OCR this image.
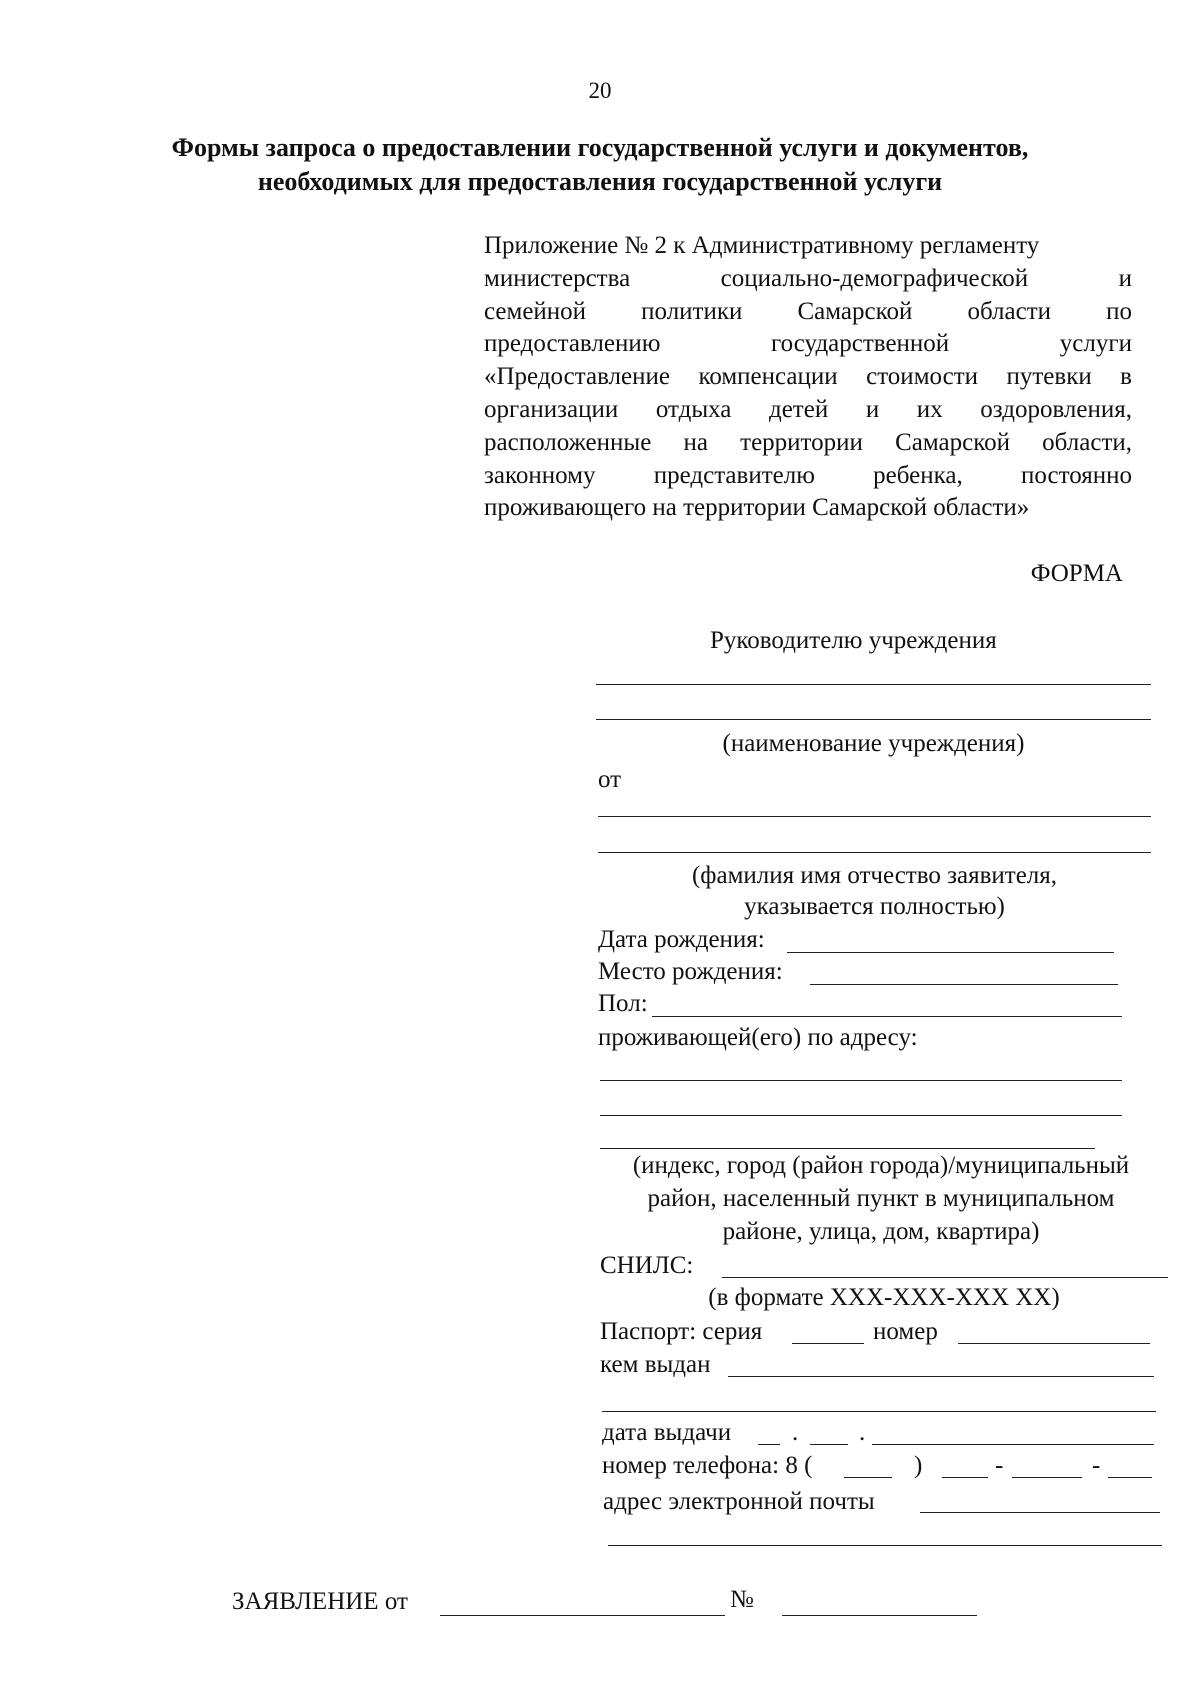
20
Формы запроса о предоставлении государственной услуги и документов,
необходимых для предоставления государственной услуги
Приложение № 2 к Административному регламенту
министерства социально-демографической и
семейной политики Самарской области по
предоставлению государственной услуги
«Предоставление компенсации стоимости путевки в
организации отдыха детей и их оздоровления,
расположенные на территории Самарской области,
законному представителю ребенка, постоянно
проживающего на территории Самарской области»
ФОРМА
Руководителю учреждения
(наименование учреждения)
от
(фамилия имя отчество заявителя,
указывается полностью)
Дата рождения:
Место рождения:
Пол:
проживающей(его) по адресу:
(индекс, город (район города)/муниципальный
район, населенный пункт в муниципальном
районе, улица, дом, квартира)
СНИЛС:
(в формате XXX-XXX-XXX XX)
Паспорт: серия	номер
кем выдан
дата выдачи . .
номер телефона: 8 (	)	-	-
адрес электронной почты
ЗАЯВЛЕНИЕ от	№
